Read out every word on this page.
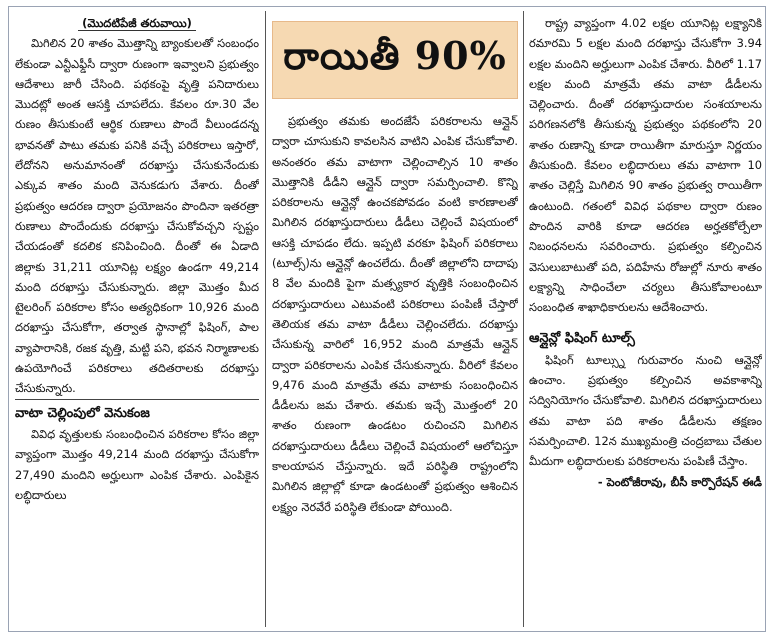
(మొదటిపేజీ తరువాయి)

మిగిలిన 20 శాతం మొత్తాన్ని బ్యాంకులతో సంబంధం లేకుండా ఎన్టీఎఫ్డీసీ ద్వారా రుణంగా ఇవ్వాలని ప్రభుత్వం ఆదేశాలు జారీ చేసింది. పథకంపై వృత్తి పనిదారులు మొదట్లో అంత ఆసక్తి చూపలేదు. కేవలం రూ.30 వేల రుణం తీసుకుంటే ఆర్థిక రుణాలు పొందే వీలుండదన్న భావనతో పాటు తమకు పనికి వచ్చే పరికరాలు ఇస్తారో, లేదోనని అనుమానంతో దరఖాస్తు చేసుకునేందుకు ఎక్కువ శాతం మంది వెనుకడుగు వేశారు. దీంతో ప్రభుత్వం ఆదరణ ద్వారా ప్రయోజనం పొందినా ఇతరత్రా రుణాలు పొందేందుకు దరఖాస్తు చేసుకోవచ్చని స్పష్టం చేయడంతో కదలిక కనిపించింది. దీంతో ఈ ఏడాది జిల్లాకు 31,211 యూనిట్ల లక్ష్యం ఉండగా 49,214 మంది దరఖాస్తు చేసుకున్నారు. జిల్లా మొత్తం మీద టైలరింగ్ పరికరాల కోసం అత్యధికంగా 10,926 మంది దరఖాస్తు చేసుకోగా, తర్వాత స్థానాల్లో ఫిషింగ్, పాల వ్యాపారానికి, రజక వృత్తి, మట్టి పని, భవన నిర్మాణాలకు ఉపయోగించే పరికరాలు తదితరాలకు దరఖాస్తు చేసుకున్నారు.

వాటా చెల్లింపులో వెనుకంజ

వివిధ వృత్తులకు సంబంధించిన పరికరాల కోసం జిల్లా వ్యాప్తంగా మొత్తం 49,214 మంది దరఖాస్తు చేసుకోగా 27,490 మందిని అర్హులుగా ఎంపిక చేశారు. ఎంపికైన లబ్ధిదారులు

రాయితీ 90%

ప్రభుత్వం తమకు అందజేసే పరికరాలను ఆన్లైన్ ద్వారా చూసుకుని కావలసిన వాటిని ఎంపిక చేసుకోవాలి. అనంతరం తమ వాటాగా చెల్లించాల్సిన 10 శాతం మొత్తానికి డీడీని ఆన్లైన్ ద్వారా సమర్పించాలి. కొన్ని పరికరాలను ఆన్లైన్లో ఉంచకపోవడం వంటి కారణాలతో మిగిలిన దరఖాస్తుదారులు డీడీలు చెల్లించే విషయంలో ఆసక్తి చూపడం లేదు. ఇప్పటి వరకూ ఫిషింగ్ పరికరాలు (టూల్స్)ను ఆన్లైన్లో ఉంచలేదు. దీంతో జిల్లాలోని దాదాపు 8 వేల మందికి పైగా మత్స్యకార వృత్తికి సంబంధించిన దరఖాస్తుదారులు ఎటువంటి పరికరాలు పంపిణీ చేస్తారో తెలియక తమ వాటా డీడీలు చెల్లించలేదు. దరఖాస్తు చేసుకున్న వారిలో 16,952 మంది మాత్రమే ఆన్లైన్ ద్వారా పరికరాలను ఎంపిక చేసుకున్నారు. వీరిలో కేవలం 9,476 మంది మాత్రమే తమ వాటాకు సంబంధించిన డీడీలను జమ చేశారు. తమకు ఇచ్చే మొత్తంలో 20 శాతం రుణంగా ఉండటం రుచించని మిగిలిన దరఖాస్తుదారులు డీడీలు చెల్లించే విషయంలో ఆలోచిస్తూ కాలయాపన చేస్తున్నారు. ఇదే పరిస్థితి రాష్ట్రంలోని మిగిలిన జిల్లాల్లో కూడా ఉండటంతో ప్రభుత్వం ఆశించిన లక్ష్యం నెరవేరే పరిస్థితి లేకుండా పోయింది.

రాష్ట్ర వ్యాప్తంగా 4.02 లక్షల యూనిట్ల లక్ష్యానికి రమారమి 5 లక్షల మంది దరఖాస్తు చేసుకోగా 3.94 లక్షల మందిని అర్హులుగా ఎంపిక చేశారు. వీరిలో 1.17 లక్షల మంది మాత్రమే తమ వాటా డీడీలను చెల్లించారు. దీంతో దరఖాస్తుదారుల సంశయాలను పరిగణనలోకి తీసుకున్న ప్రభుత్వం పథకంలోని 20 శాతం రుణాన్ని కూడా రాయితీగా మారుస్తూ నిర్ణయం తీసుకుంది. కేవలం లబ్ధిదారులు తమ వాటాగా 10 శాతం చెల్లిస్తే మిగిలిన 90 శాతం ప్రభుత్వ రాయితీగా ఉంటుంది. గతంలో వివిధ పథకాల ద్వారా రుణం పొందిన వారికి కూడా ఆదరణ అర్హతకోల్పేలా నిబంధనలను సవరించారు. ప్రభుత్వం కల్పించిన వెసులుబాటుతో పది, పదిహేను రోజుల్లో నూరు శాతం లక్ష్యాన్ని సాధించేలా చర్యలు తీసుకోవాలంటూ సంబంధిత శాఖాధికారులను ఆదేశించారు.

ఆన్లైన్లో ఫిషింగ్ టూల్స్

ఫిషింగ్ టూల్స్ను గురువారం నుంచి ఆన్లైన్లో ఉంచాం. ప్రభుత్వం కల్పించిన అవకాశాన్ని సద్వినియోగం చేసుకోవాలి. మిగిలిన దరఖాస్తుదారులు తమ వాటా పది శాతం డీడీలను తక్షణం సమర్పించాలి. 12న ముఖ్యమంత్రి చంద్రబాబు చేతుల మీదుగా లబ్ధిదారులకు పరికరాలను పంపిణీ చేస్తాం.

- పెంటోజీరావు, బీసీ కార్పొరేషన్ ఈడీ
